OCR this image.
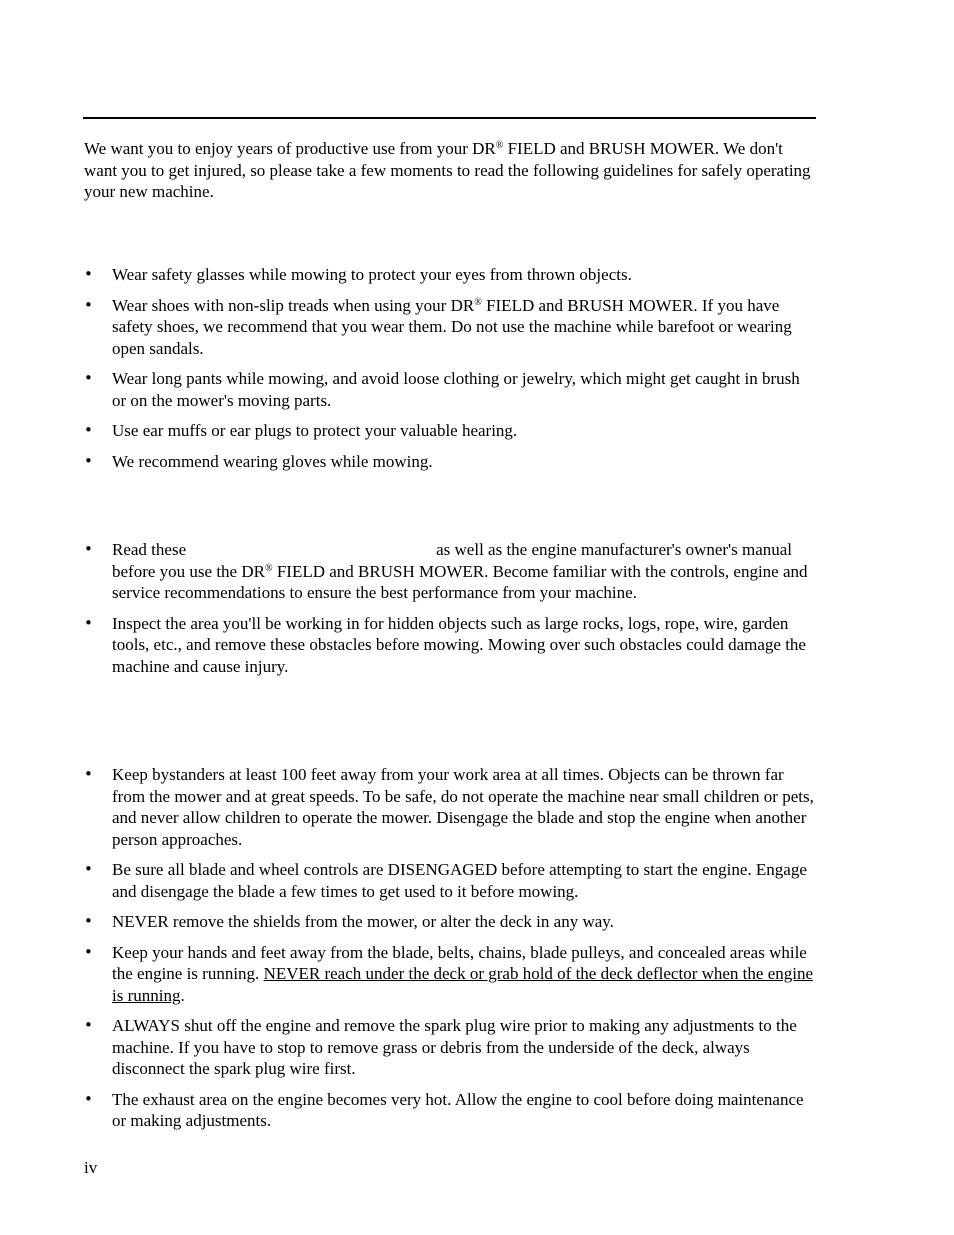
We want you to enjoy years of productive use from your DR® FIELD and BRUSH MOWER. We don't want you to get injured, so please take a few moments to read the following guidelines for safely operating your new machine.

•	Wear safety glasses while mowing to protect your eyes from thrown objects.
•	Wear shoes with non-slip treads when using your DR® FIELD and BRUSH MOWER. If you have safety shoes, we recommend that you wear them. Do not use the machine while barefoot or wearing open sandals.
•	Wear long pants while mowing, and avoid loose clothing or jewelry, which might get caught in brush or on the mower's moving parts.
•	Use ear muffs or ear plugs to protect your valuable hearing.
•	We recommend wearing gloves while mowing.
•	Read these	as well as the engine manufacturer's owner's manual before you use the DR® FIELD and BRUSH MOWER. Become familiar with the controls, engine and service recommendations to ensure the best performance from your machine.
•	Inspect the area you'll be working in for hidden objects such as large rocks, logs, rope, wire, garden tools, etc., and remove these obstacles before mowing. Mowing over such obstacles could damage the machine and cause injury.
•	Keep bystanders at least 100 feet away from your work area at all times. Objects can be thrown far from the mower and at great speeds. To be safe, do not operate the machine near small children or pets, and never allow children to operate the mower. Disengage the blade and stop the engine when another person approaches.
•	Be sure all blade and wheel controls are DISENGAGED before attempting to start the engine. Engage and disengage the blade a few times to get used to it before mowing.
•	NEVER remove the shields from the mower, or alter the deck in any way.
•	Keep your hands and feet away from the blade, belts, chains, blade pulleys, and concealed areas while the engine is running. NEVER reach under the deck or grab hold of the deck deflector when the engine is running.
•	ALWAYS shut off the engine and remove the spark plug wire prior to making any adjustments to the machine. If you have to stop to remove grass or debris from the underside of the deck, always disconnect the spark plug wire first.
•	The exhaust area on the engine becomes very hot. Allow the engine to cool before doing maintenance or making adjustments.
iv
